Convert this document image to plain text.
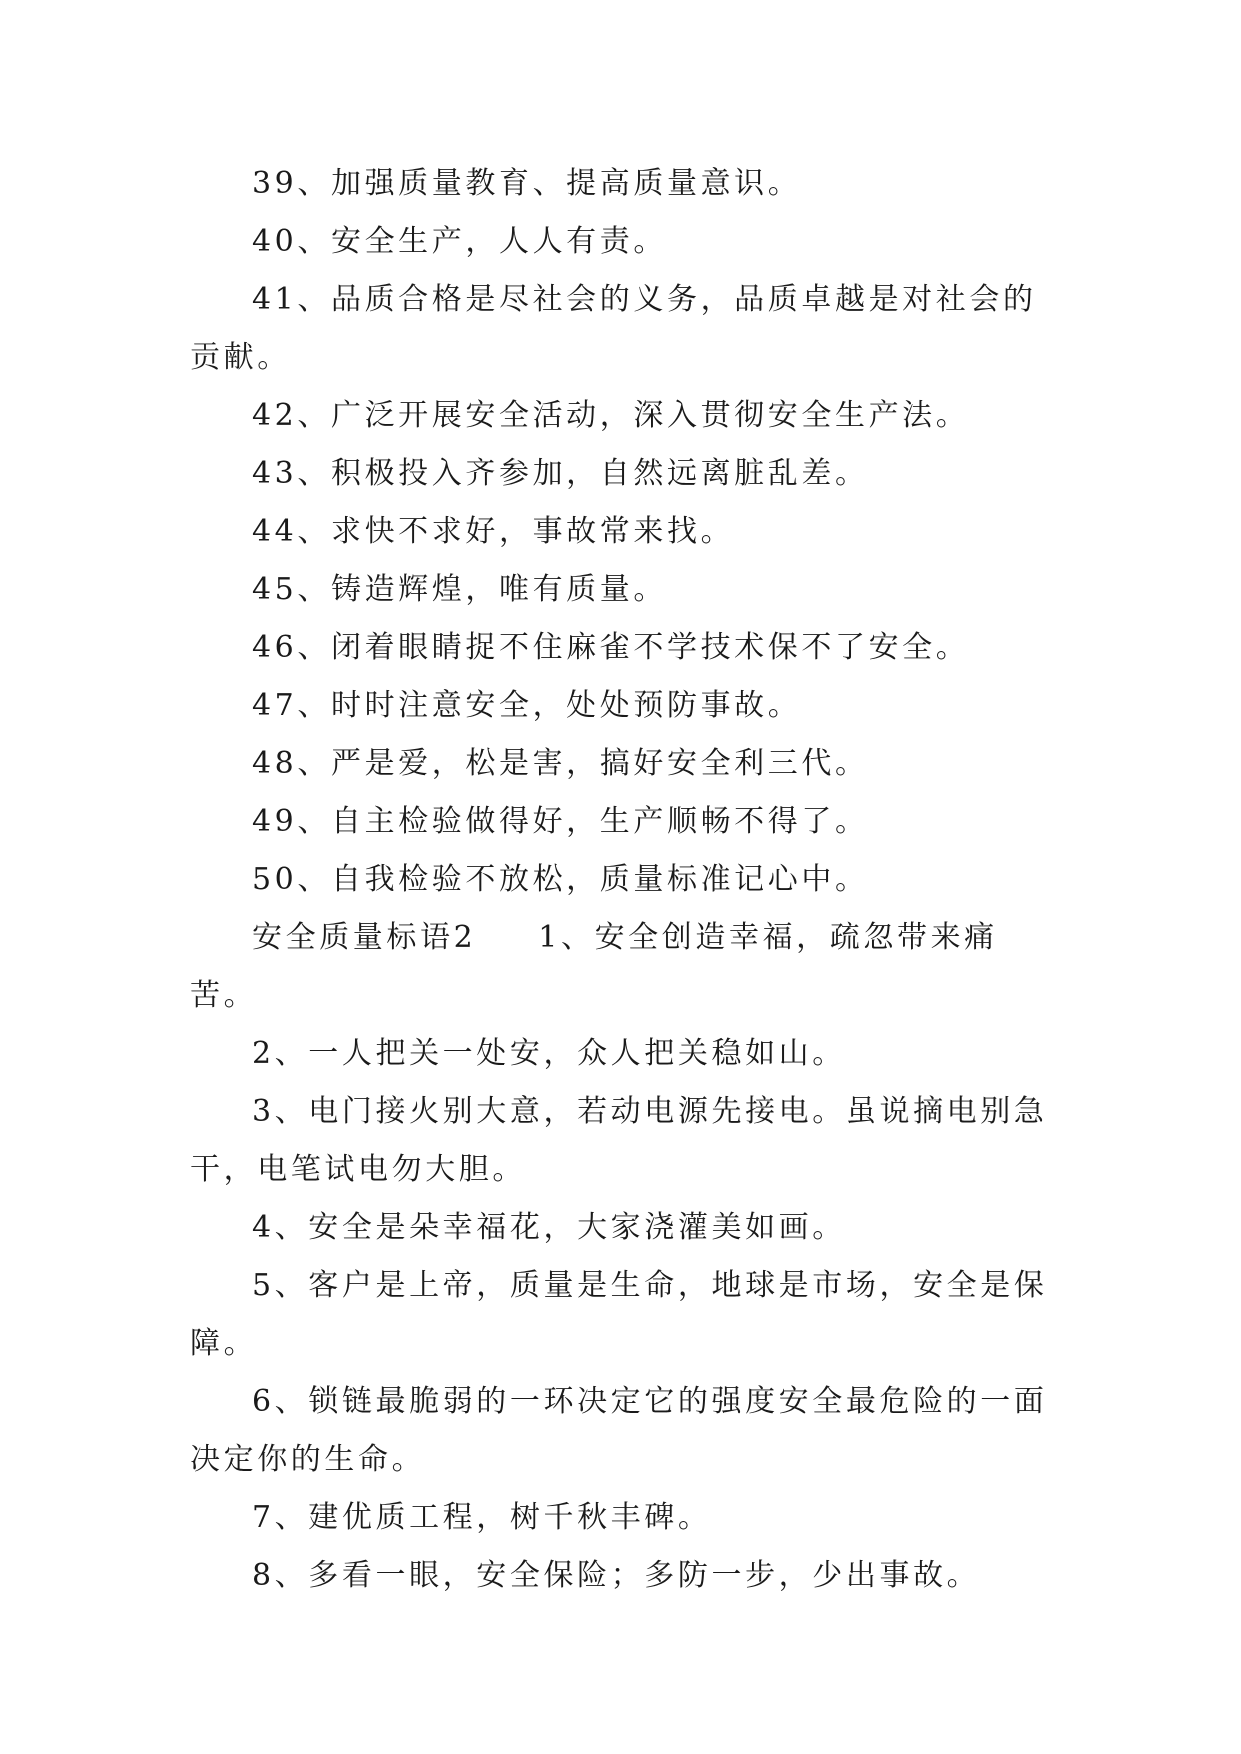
39、加强质量教育、提高质量意识。

40、安全生产，人人有责。

41、品质合格是尽社会的义务，品质卓越是对社会的贡献。

42、广泛开展安全活动，深入贯彻安全生产法。

43、积极投入齐参加，自然远离脏乱差。

44、求快不求好，事故常来找。

45、铸造辉煌，唯有质量。

46、闭着眼睛捉不住麻雀不学技术保不了安全。

47、时时注意安全，处处预防事故。

48、严是爱，松是害，搞好安全利三代。

49、自主检验做得好，生产顺畅不得了。

50、自我检验不放松，质量标准记心中。

安全质量标语2 1、安全创造幸福，疏忽带来痛苦。

2、一人把关一处安，众人把关稳如山。

3、电门接火别大意，若动电源先接电。虽说摘电别急干，电笔试电勿大胆。

4、安全是朵幸福花，大家浇灌美如画。

5、客户是上帝，质量是生命，地球是市场，安全是保障。

6、锁链最脆弱的一环决定它的强度安全最危险的一面决定你的生命。

7、建优质工程，树千秋丰碑。

8、多看一眼，安全保险；多防一步，少出事故。
